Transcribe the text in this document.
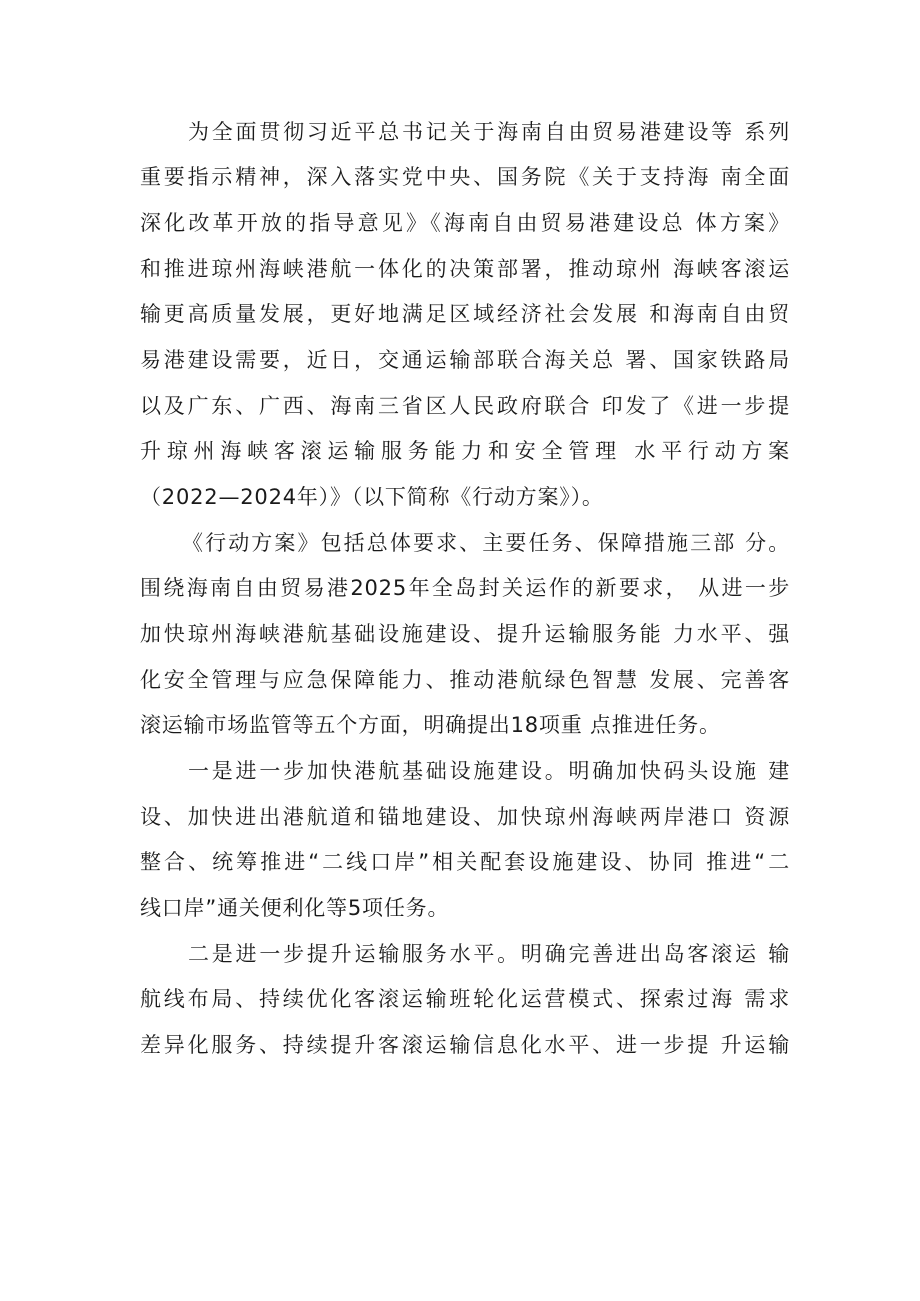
为全面贯彻习近平总书记关于海南自由贸易港建设等 系列
重要指示精神，深入落实党中央、国务院《关于支持海 南全面
深化改革开放的指导意见》《海南自由贸易港建设总 体方案》
和推进琼州海峡港航一体化的决策部署，推动琼州 海峡客滚运
输更高质量发展，更好地满足区域经济社会发展 和海南自由贸
易港建设需要，近日，交通运输部联合海关总 署、国家铁路局
以及广东、广西、海南三省区人民政府联合 印发了《进一步提
升琼州海峡客滚运输服务能力和安全管理 水平行动方案
（2022—2024年）》（以下简称《行动方案》）。
《行动方案》包括总体要求、主要任务、保障措施三部 分。
围绕海南自由贸易港2025年全岛封关运作的新要求， 从进一步
加快琼州海峡港航基础设施建设、提升运输服务能 力水平、强
化安全管理与应急保障能力、推动港航绿色智慧 发展、完善客
滚运输市场监管等五个方面，明确提出18项重 点推进任务。
一是进一步加快港航基础设施建设。明确加快码头设施 建
设、加快进出港航道和锚地建设、加快琼州海峡两岸港口 资源
整合、统筹推进“二线口岸”相关配套设施建设、协同 推进“二
线口岸”通关便利化等5项任务。
二是进一步提升运输服务水平。明确完善进出岛客滚运 输
航线布局、持续优化客滚运输班轮化运营模式、探索过海 需求
差异化服务、持续提升客滚运输信息化水平、进一步提 升运输
